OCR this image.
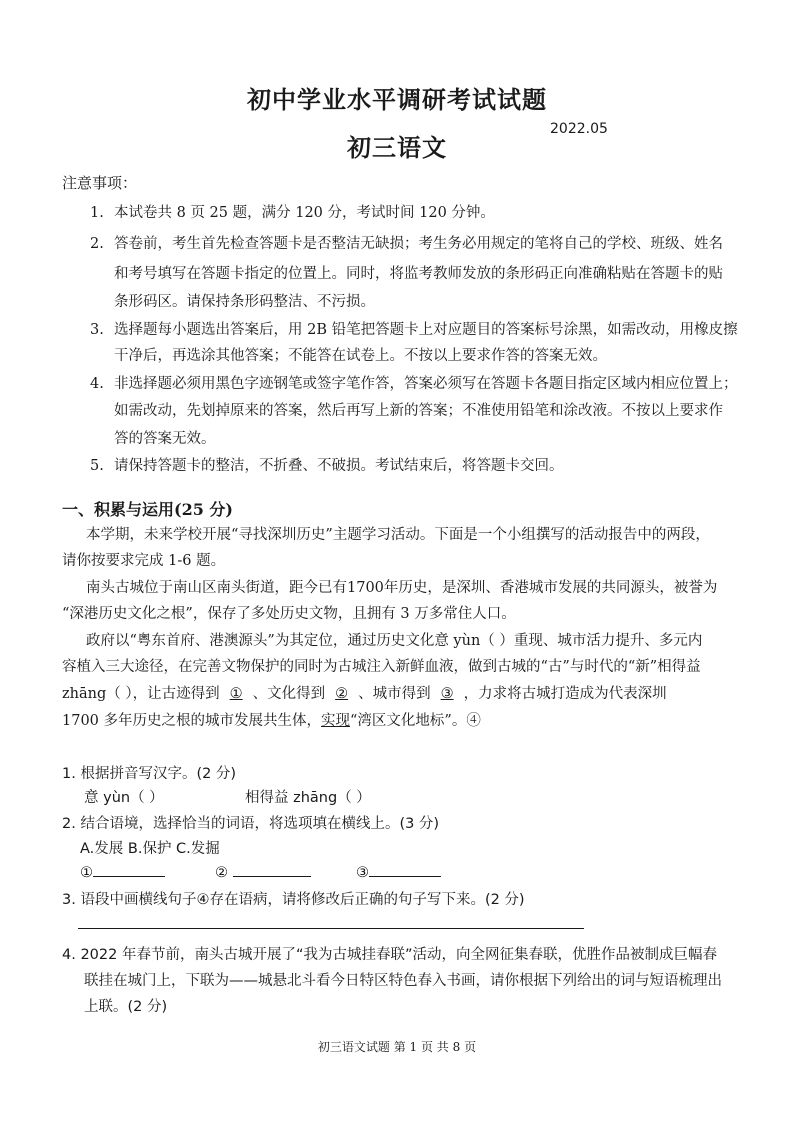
初中学业水平调研考试试题
初三语文
2022.05
注意事项：
1. 本试卷共 8 页 25 题，满分 120 分，考试时间 120 分钟。
2. 答卷前，考生首先检查答题卡是否整洁无缺损；考生务必用规定的笔将自己的学校、班级、姓名
和考号填写在答题卡指定的位置上。同时，将监考教师发放的条形码正向准确粘贴在答题卡的贴
条形码区。请保持条形码整洁、不污损。
3. 选择题每小题选出答案后，用 2B 铅笔把答题卡上对应题目的答案标号涂黑，如需改动，用橡皮擦
干净后，再选涂其他答案；不能答在试卷上。不按以上要求作答的答案无效。
4. 非选择题必须用黑色字迹钢笔或签字笔作答，答案必须写在答题卡各题目指定区域内相应位置上；
如需改动，先划掉原来的答案，然后再写上新的答案；不准使用铅笔和涂改液。不按以上要求作
答的答案无效。
5. 请保持答题卡的整洁，不折叠、不破损。考试结束后，将答题卡交回。
一、积累与运用(25 分)
本学期，未来学校开展“寻找深圳历史”主题学习活动。下面是一个小组撰写的活动报告中的两段，
请你按要求完成 1-6 题。
南头古城位于南山区南头街道，距今已有1700年历史，是深圳、香港城市发展的共同源头，被誉为
“深港历史文化之根”，保存了多处历史文物，且拥有 3 万多常住人口。
政府以“粤东首府、港澳源头”为其定位，通过历史文化意 yùn（ ）重现、城市活力提升、多元内
容植入三大途径，在完善文物保护的同时为古城注入新鲜血液，做到古城的“古”与时代的“新”相得益
zhāng（ ），让古迹得到 ① 、文化得到 ② 、城市得到 ③ ，力求将古城打造成为代表深圳
1700 多年历史之根的城市发展共生体，实现“湾区文化地标”。④
1. 根据拼音写汉字。(2 分)
意 yùn（ ）	相得益 zhāng（ ）
2. 结合语境，选择恰当的词语，将选项填在横线上。(3 分)
A.发展 B.保护 C.发掘
①	②	③
3. 语段中画横线句子④存在语病，请将修改后正确的句子写下来。(2 分)
4. 2022 年春节前，南头古城开展了“我为古城挂春联”活动，向全网征集春联，优胜作品被制成巨幅春
联挂在城门上，下联为——城悬北斗看今日特区特色春入书画，请你根据下列给出的词与短语梳理出
上联。(2 分)
初三语文试题 第 1 页 共 8 页
